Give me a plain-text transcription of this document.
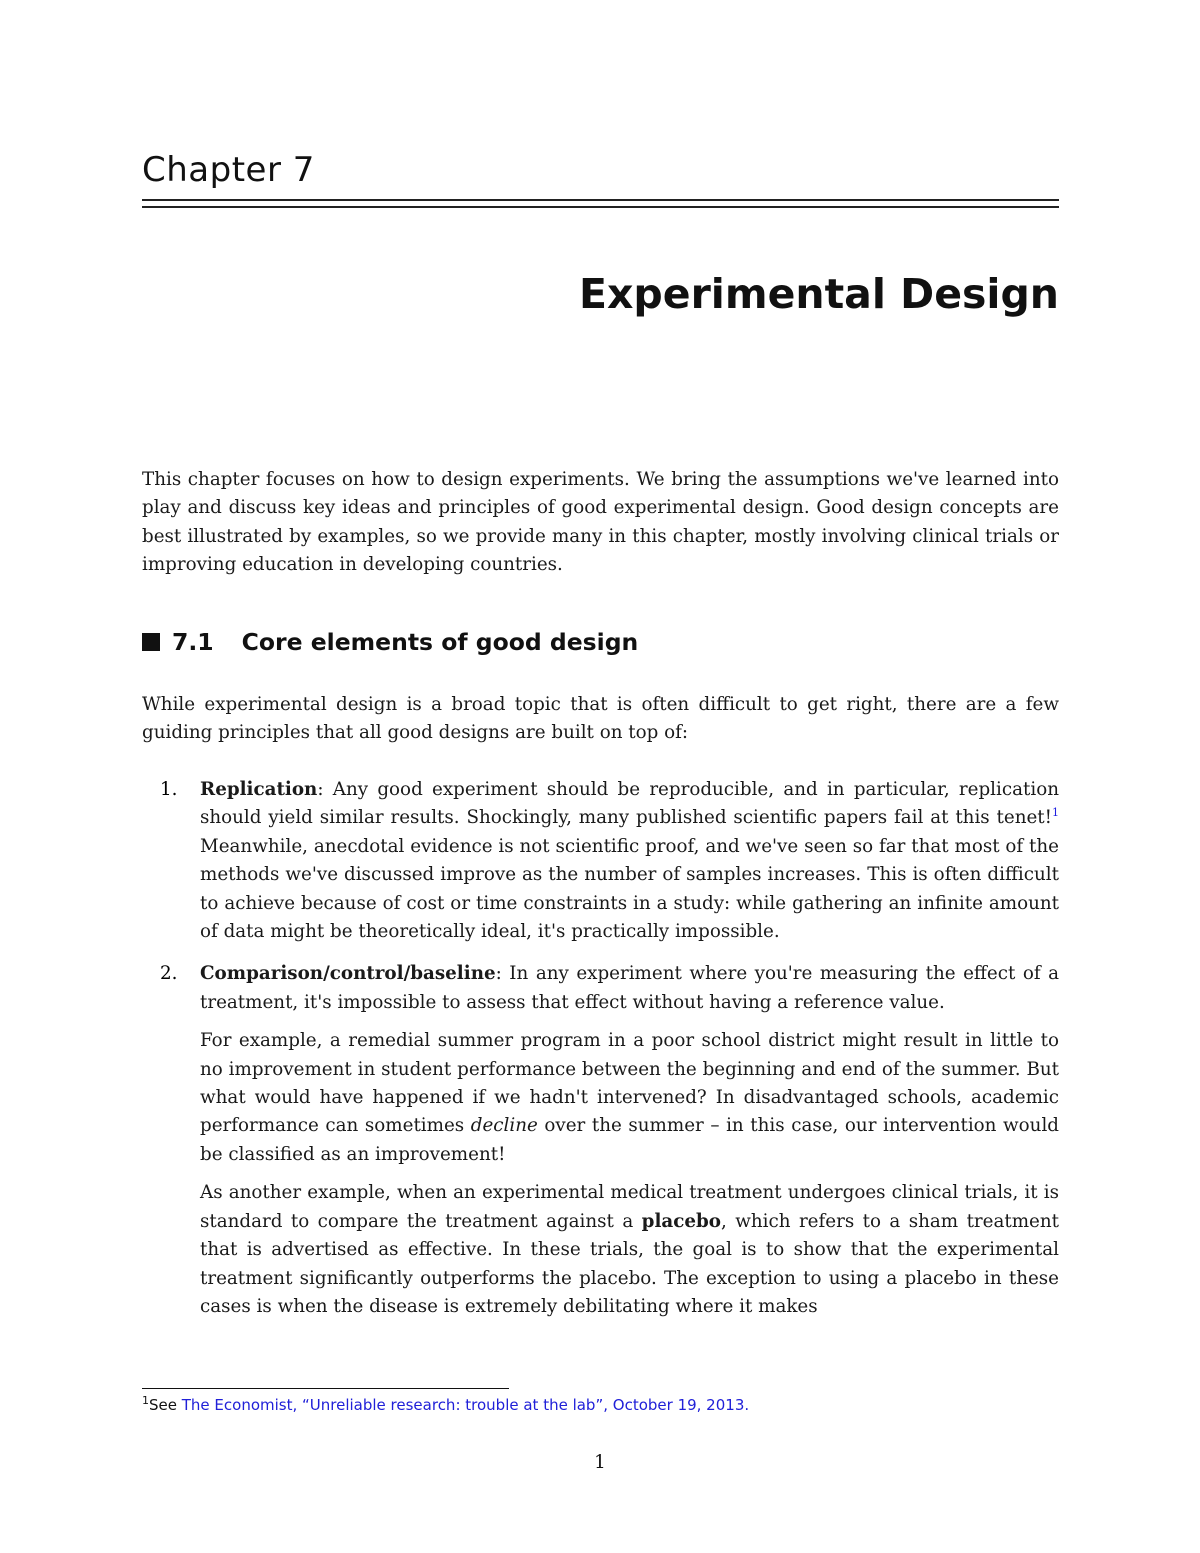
Chapter 7
Experimental Design

This chapter focuses on how to design experiments. We bring the assumptions we've learned into play and discuss key ideas and principles of good experimental design. Good design concepts are best illustrated by examples, so we provide many in this chapter, mostly involving clinical trials or improving education in developing countries.

7.1 Core elements of good design

While experimental design is a broad topic that is often difficult to get right, there are a few guiding principles that all good designs are built on top of:

1. Replication: Any good experiment should be reproducible, and in particular, replication should yield similar results. Shockingly, many published scientific papers fail at this tenet!$^1$ Meanwhile, anecdotal evidence is not scientific proof, and we've seen so far that most of the methods we've discussed improve as the number of samples increases. This is often difficult to achieve because of cost or time constraints in a study: while gathering an infinite amount of data might be theoretically ideal, it's practically impossible.

2. Comparison/control/baseline: In any experiment where you're measuring the effect of a treatment, it's impossible to assess that effect without having a reference value.

For example, a remedial summer program in a poor school district might result in little to no improvement in student performance between the beginning and end of the summer. But what would have happened if we hadn't intervened? In disadvantaged schools, academic performance can sometimes decline over the summer – in this case, our intervention would be classified as an improvement!

As another example, when an experimental medical treatment undergoes clinical trials, it is standard to compare the treatment against a placebo, which refers to a sham treatment that is advertised as effective. In these trials, the goal is to show that the experimental treatment significantly outperforms the placebo. The exception to using a placebo in these cases is when the disease is extremely debilitating where it makes

$^1$See The Economist, “Unreliable research: trouble at the lab”, October 19, 2013.
1
